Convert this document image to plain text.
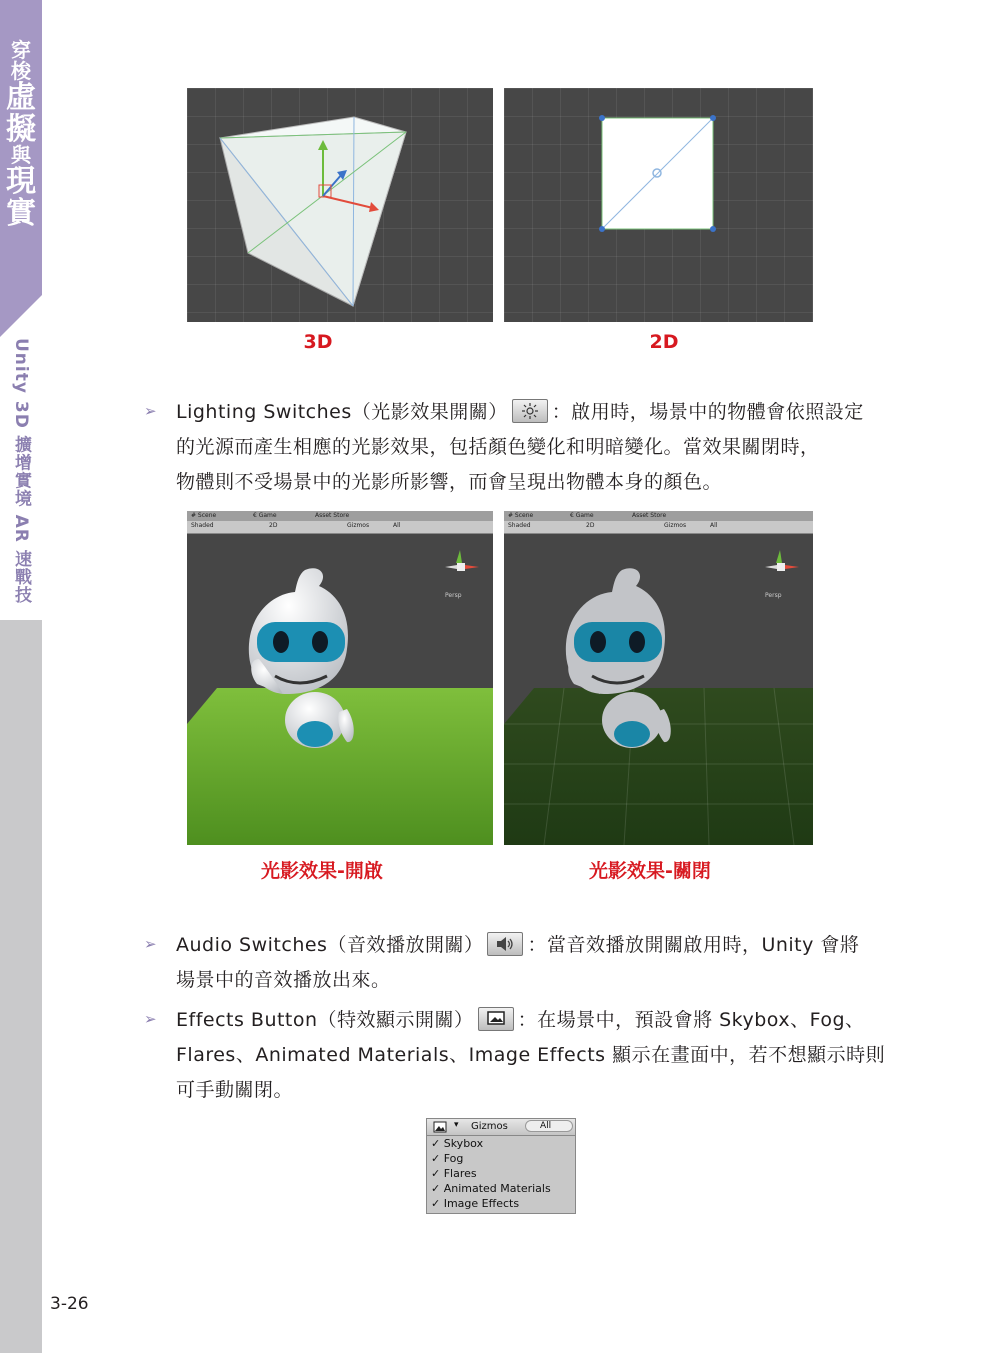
穿
梭
虛
擬
與
現
實
Unity 3D 擴增實境 AR 速戰技
3-26
3D	2D
➢ Lighting Switches（光影效果開關） ：啟用時，場景中的物體會依照設定
的光源而產生相應的光影效果，包括顏色變化和明暗變化。當效果關閉時，
物體則不受場景中的光影所影響，而會呈現出物體本身的顏色。
# Scene	€ Game	Asset Store
Shaded	2D	Gizmos	All
Persp
# Scene	€ Game	Asset Store
Shaded	2D	Gizmos	All
Persp
光影效果-開啟	光影效果-關閉
➢ Audio Switches（音效播放開關） ：當音效播放開關啟用時，Unity 會將
場景中的音效播放出來。
➢ Effects Button（特效顯示開關） ：在場景中，預設會將 Skybox、Fog、
Flares、Animated Materials、Image Effects 顯示在畫面中，若不想顯示時則
可手動關閉。
▾ Gizmos	All
✓ Skybox
✓ Fog
✓ Flares
✓ Animated Materials
✓ Image Effects
